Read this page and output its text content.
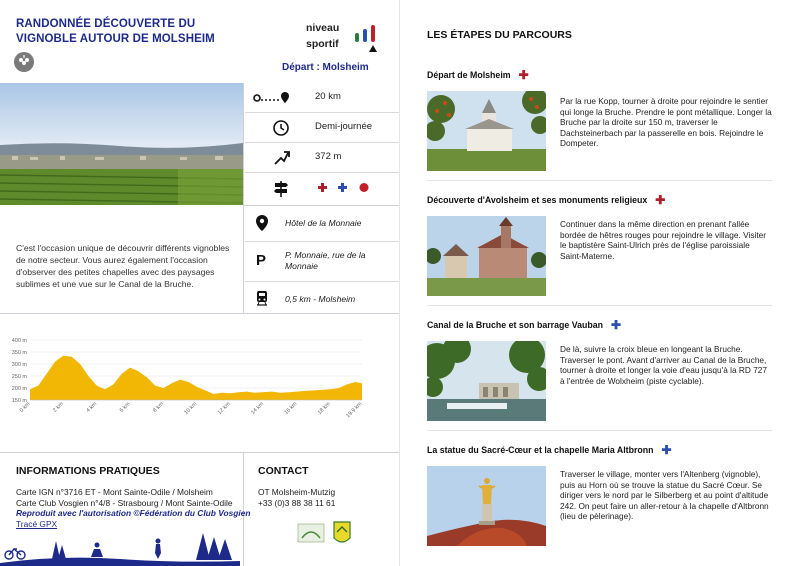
RANDONNÉE DÉCOUVERTE DU
VIGNOBLE AUTOUR DE MOLSHEIM
niveau
sportif
Départ : Molsheim
20 km
Demi-journée
372 m
C'est l'occasion unique de découvrir différents vignobles de notre secteur. Vous aurez également l'occasion d'observer des petites chapelles avec des paysages sublimes et une vue sur le Canal de la Bruche.
Hôtel de la Monnaie
P P. Monnaie, rue de la
Monnaie
0,5 km - Molsheim
400 m
350 m
300 m
250 m
200 m
150 m
0 km	2 km	4 km	6 km	8 km	10 km	12 km	14 km	16 km	18 km 19.9 km
INFORMATIONS PRATIQUES
Carte IGN n°3716 ET - Mont Sainte-Odile / Molsheim
Carte Club Vosgien n°4/8 - Strasbourg / Mont Sainte-Odile
Reproduit avec l'autorisation ©Fédération du Club Vosgien
Tracé GPX
CONTACT
OT Molsheim-Mutzig
+33 (0)3 88 38 11 61
LES ÉTAPES DU PARCOURS
Départ de Molsheim ✚
Par la rue Kopp, tourner à droite pour rejoindre le sentier qui longe la Bruche. Prendre le pont métallique. Longer la Bruche par la droite sur 150 m, traverser le Dachsteinerbach par la passerelle en bois. Rejoindre le Dompeter.
Découverte d'Avolsheim et ses monuments religieux ✚
Continuer dans la même direction en prenant l'allée bordée de hêtres rouges pour rejoindre le village. Visiter le baptistère Saint-Ulrich près de l'église paroissiale Saint-Materne.
Canal de la Bruche et son barrage Vauban ✚
De là, suivre la croix bleue en longeant la Bruche. Traverser le pont. Avant d'arriver au Canal de la Bruche, tourner à droite et longer la voie d'eau jusqu'à la RD 727 à l'entrée de Wolxheim (piste cyclable).
La statue du Sacré-Cœur et la chapelle Maria Altbronn ✚
Traverser le village, monter vers l'Altenberg (vignoble), puis au Horn où se trouve la statue du Sacré Cœur. Se diriger vers le nord par le Silberberg et au point d'altitude 242. On peut faire un aller-retour à la chapelle d'Altbronn (lieu de pèlerinage).
